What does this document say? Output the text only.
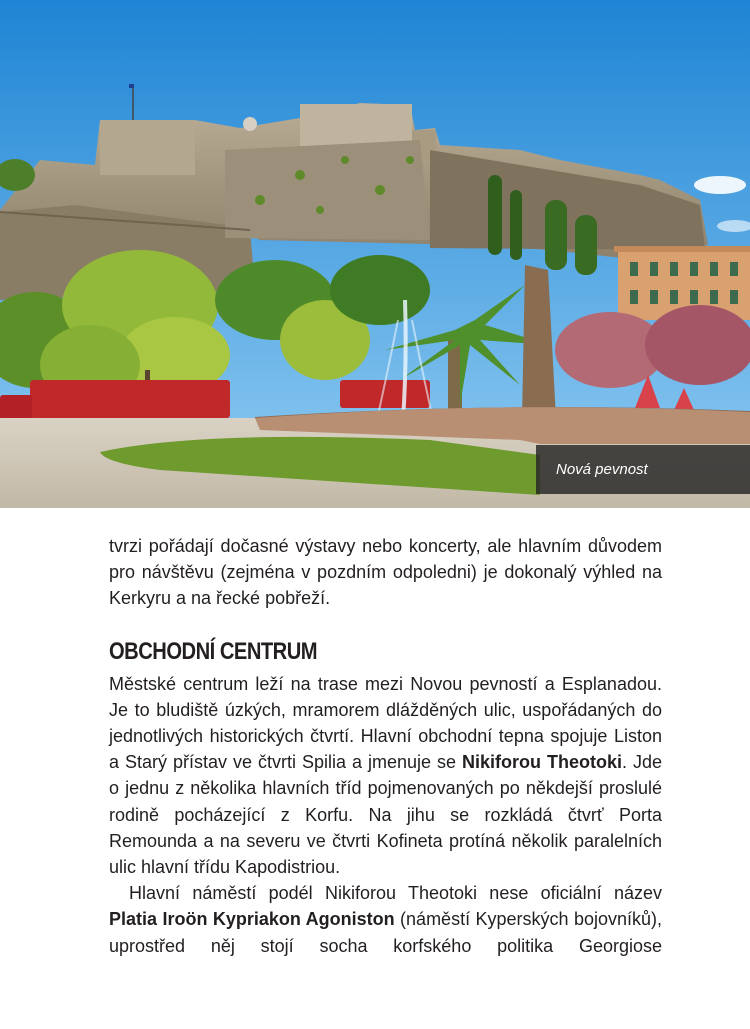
Nová pevnost

tvrzi pořádají dočasné výstavy nebo koncerty, ale hlavním důvodem pro návštěvu (zejména v pozdním odpoledni) je dokonalý výhled na Kerkyru a na řecké pobřeží.

OBCHODNÍ CENTRUM

Městské centrum leží na trase mezi Novou pevností a Esplanadou. Je to bludiště úzkých, mramorem dlážděných ulic, uspořádaných do jednotlivých historických čtvrtí. Hlavní obchodní tepna spojuje Liston a Starý přístav ve čtvrti Spilia a jmenuje se Nikiforou Theotoki. Jde o jednu z několika hlavních tříd pojmenovaných po někdejší proslulé rodině pocházející z Korfu. Na jihu se rozkládá čtvrť Porta Remounda a na severu ve čtvrti Kofineta protíná několik paralelních ulic hlavní třídu Kapodistriou.

Hlavní náměstí podél Nikiforou Theotoki nese oficiální název Platia Iroön Kypriakon Agoniston (náměstí Kyperských bojovníků), uprostřed něj stojí socha korfského politika Georgiose
